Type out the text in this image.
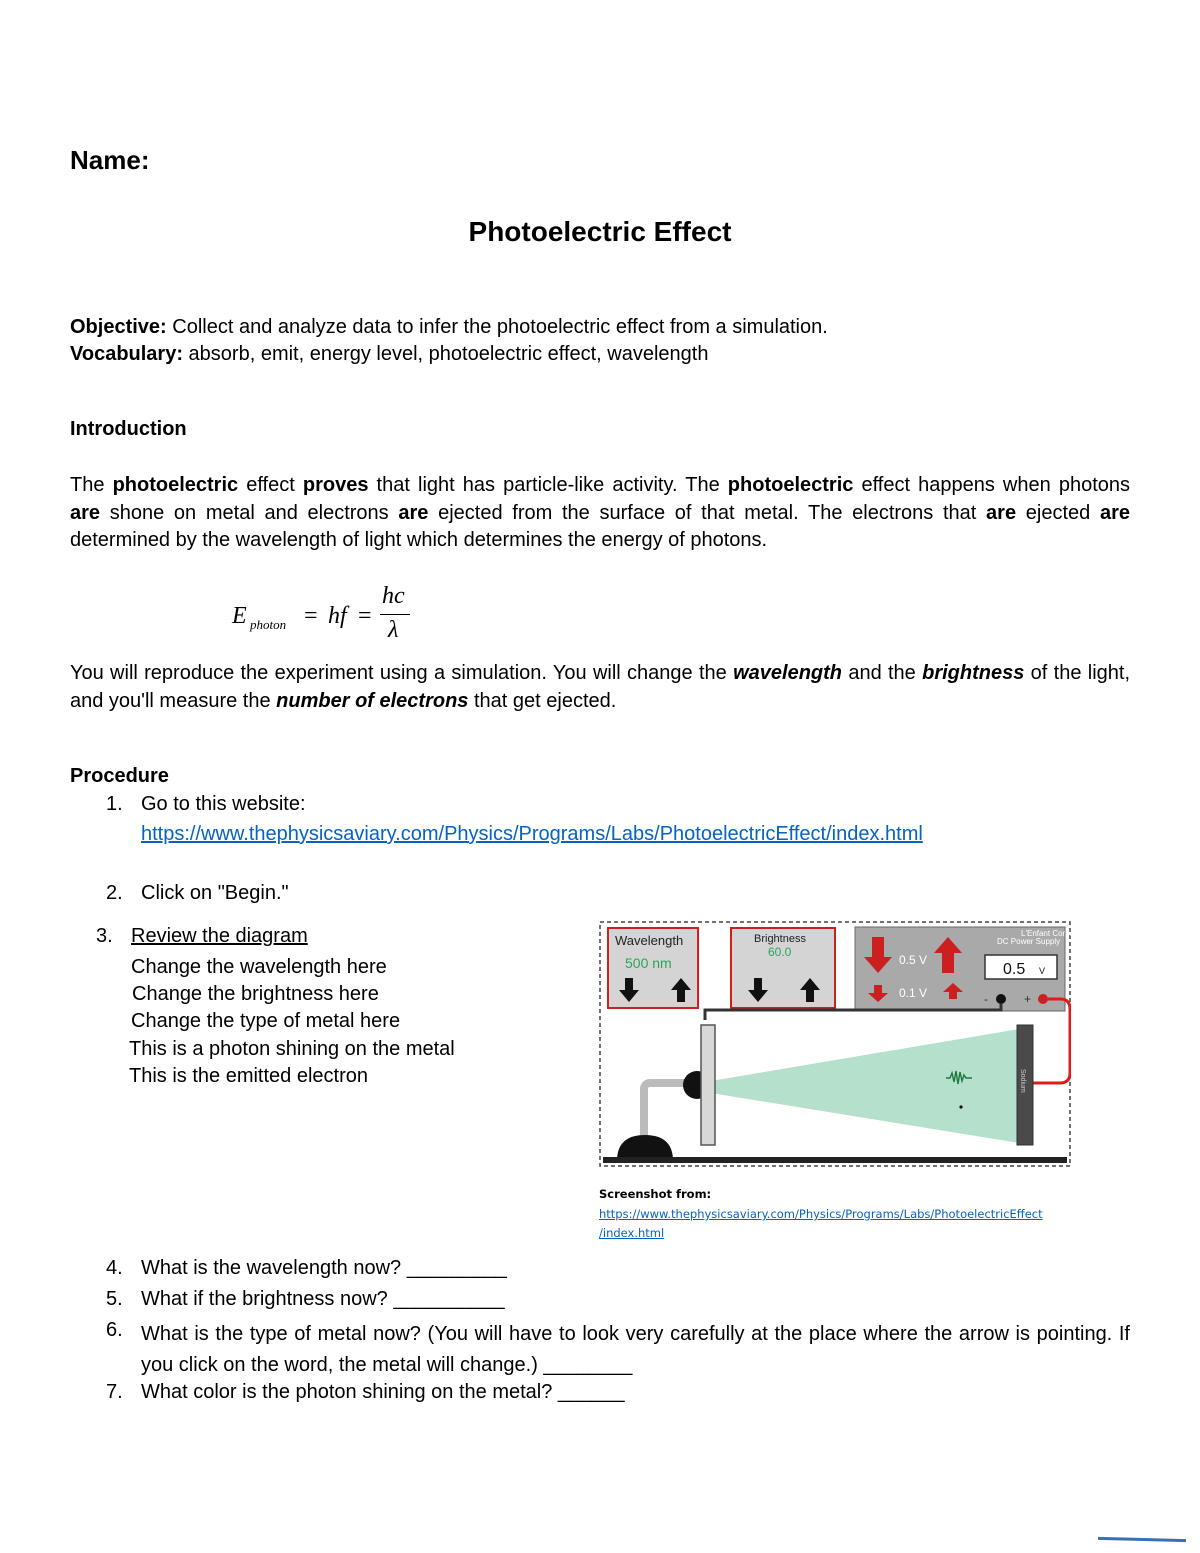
Name:
Photoelectric Effect
Objective: Collect and analyze data to infer the photoelectric effect from a simulation.
Vocabulary: absorb, emit, energy level, photoelectric effect, wavelength
Introduction
The photoelectric effect proves that light has particle-like activity. The photoelectric effect happens when photons are shone on metal and electrons are ejected from the surface of that metal. The electrons that are ejected are determined by the wavelength of light which determines the energy of photons.
E photon = hf =
hc
λ
You will reproduce the experiment using a simulation. You will change the wavelength and the brightness of the light, and you'll measure the number of electrons that get ejected.
Procedure
1. Go to this website:
https://www.thephysicsaviary.com/Physics/Programs/Labs/PhotoelectricEffect/index.html
2. Click on "Begin."
3. Review the diagram
Change the wavelength here
Change the brightness here
Change the type of metal here
This is a photon shining on the metal
This is the emitted electron
Wavelength
500 nm
Brightness
60.0
L'Enfant Corp.
DC Power Supply
0.5 V
0.1 V
0.5 V
-	+
Sodium
Screenshot from:
https://www.thephysicsaviary.com/Physics/Programs/Labs/PhotoelectricEffect
/index.html
4. What is the wavelength now? _________
5. What if the brightness now? __________
6. What is the type of metal now? (You will have to look very carefully at the place where the arrow is pointing. If you click on the word, the metal will change.) ________
7. What color is the photon shining on the metal? ______
